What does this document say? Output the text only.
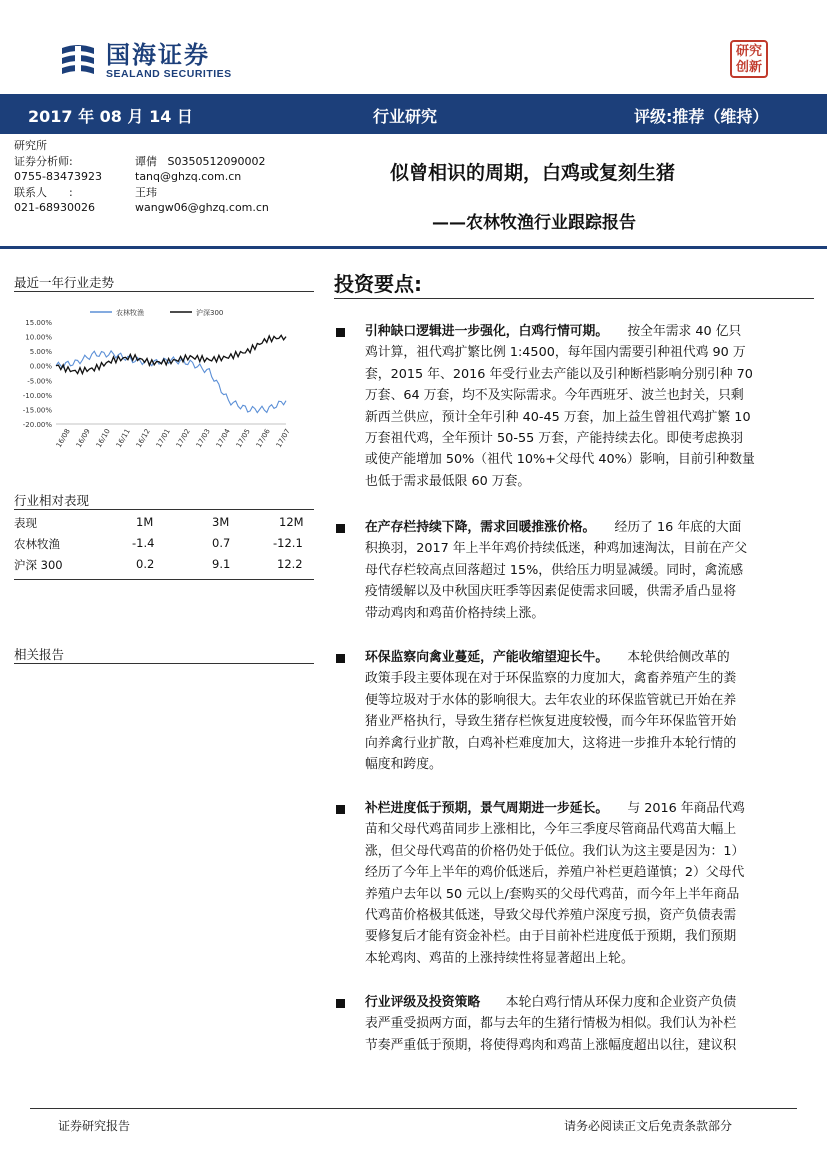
国海证券
SEALAND SECURITIES
研究
创新
2017 年 08 月 14 日	行业研究	评级:推荐（维持）
研究所
证券分析师:	谭倩 S0350512090002
0755-83473923	tanq@ghzq.com.cn
联系人　　:	王玮
021-68930026	wangw06@ghzq.com.cn
似曾相识的周期，白鸡或复刻生猪
——农林牧渔行业跟踪报告
最近一年行业走势
农林牧渔	沪深300
15.00%
10.00%
5.00%
0.00%
-5.00%
-10.00%
-15.00%
-20.00%
16/08 16/09 16/10 16/11 16/12 17/01 17/02 17/03 17/04 17/05 17/06 17/07
行业相对表现
表现	1M	3M	12M
农林牧渔	-1.4	0.7	-12.1
沪深 300	0.2	9.1	12.2
相关报告
投资要点:
引种缺口逻辑进一步强化，白鸡行情可期。　　按全年需求 40 亿只
鸡计算，祖代鸡扩繁比例 1:4500，每年国内需要引种祖代鸡 90 万
套，2015 年、2016 年受行业去产能以及引种断档影响分别引种 70
万套、64 万套，均不及实际需求。今年西班牙、波兰也封关，只剩
新西兰供应，预计全年引种 40-45 万套，加上益生曾祖代鸡扩繁 10
万套祖代鸡，全年预计 50-55 万套，产能持续去化。即使考虑换羽
或使产能增加 50%（祖代 10%+父母代 40%）影响，目前引种数量
也低于需求最低限 60 万套。
在产存栏持续下降，需求回暖推涨价格。　　经历了 16 年底的大面
积换羽，2017 年上半年鸡价持续低迷，种鸡加速淘汰，目前在产父
母代存栏较高点回落超过 15%，供给压力明显减缓。同时，禽流感
疫情缓解以及中秋国庆旺季等因素促使需求回暖，供需矛盾凸显将
带动鸡肉和鸡苗价格持续上涨。
环保监察向禽业蔓延，产能收缩望迎长牛。　　本轮供给侧改革的
政策手段主要体现在对于环保监察的力度加大，禽畜养殖产生的粪
便等垃圾对于水体的影响很大。去年农业的环保监管就已开始在养
猪业严格执行，导致生猪存栏恢复进度较慢，而今年环保监管开始
向养禽行业扩散，白鸡补栏难度加大，这将进一步推升本轮行情的
幅度和跨度。
补栏进度低于预期，景气周期进一步延长。　　与 2016 年商品代鸡
苗和父母代鸡苗同步上涨相比，今年三季度尽管商品代鸡苗大幅上
涨，但父母代鸡苗的价格仍处于低位。我们认为这主要是因为：1）
经历了今年上半年的鸡价低迷后，养殖户补栏更趋谨慎；2）父母代
养殖户去年以 50 元以上/套购买的父母代鸡苗，而今年上半年商品
代鸡苗价格极其低迷，导致父母代养殖户深度亏损，资产负债表需
要修复后才能有资金补栏。由于目前补栏进度低于预期，我们预期
本轮鸡肉、鸡苗的上涨持续性将显著超出上轮。
行业评级及投资策略　　本轮白鸡行情从环保力度和企业资产负债
表严重受损两方面，都与去年的生猪行情极为相似。我们认为补栏
节奏严重低于预期，将使得鸡肉和鸡苗上涨幅度超出以往，建议积
证券研究报告	请务必阅读正文后免责条款部分
